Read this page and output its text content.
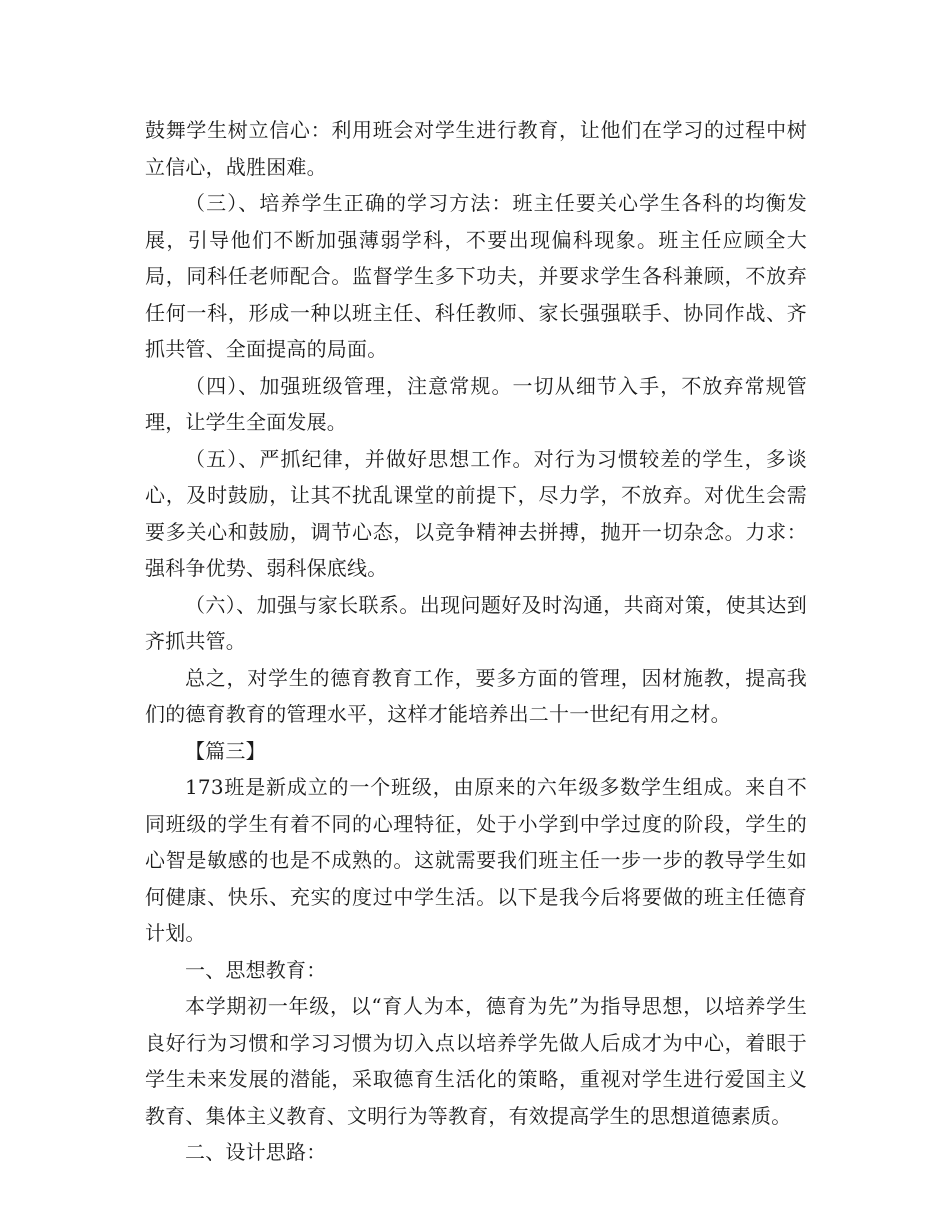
鼓舞学生树立信心：利用班会对学生进行教育，让他们在学习的过程中树立信心，战胜困难。

（三）、培养学生正确的学习方法：班主任要关心学生各科的均衡发展，引导他们不断加强薄弱学科，不要出现偏科现象。班主任应顾全大局，同科任老师配合。监督学生多下功夫，并要求学生各科兼顾，不放弃任何一科，形成一种以班主任、科任教师、家长强强联手、协同作战、齐抓共管、全面提高的局面。

（四）、加强班级管理，注意常规。一切从细节入手，不放弃常规管理，让学生全面发展。

（五）、严抓纪律，并做好思想工作。对行为习惯较差的学生，多谈心，及时鼓励，让其不扰乱课堂的前提下，尽力学，不放弃。对优生会需要多关心和鼓励，调节心态，以竞争精神去拼搏，抛开一切杂念。力求：强科争优势、弱科保底线。

（六）、加强与家长联系。出现问题好及时沟通，共商对策，使其达到齐抓共管。

总之，对学生的德育教育工作，要多方面的管理，因材施教，提高我们的德育教育的管理水平，这样才能培养出二十一世纪有用之材。

【篇三】

173班是新成立的一个班级，由原来的六年级多数学生组成。来自不同班级的学生有着不同的心理特征，处于小学到中学过度的阶段，学生的心智是敏感的也是不成熟的。这就需要我们班主任一步一步的教导学生如何健康、快乐、充实的度过中学生活。以下是我今后将要做的班主任德育计划。

一、思想教育：

本学期初一年级，以“育人为本，德育为先”为指导思想，以培养学生良好行为习惯和学习习惯为切入点以培养学先做人后成才为中心，着眼于学生未来发展的潜能，采取德育生活化的策略，重视对学生进行爱国主义教育、集体主义教育、文明行为等教育，有效提高学生的思想道德素质。

二、设计思路：
